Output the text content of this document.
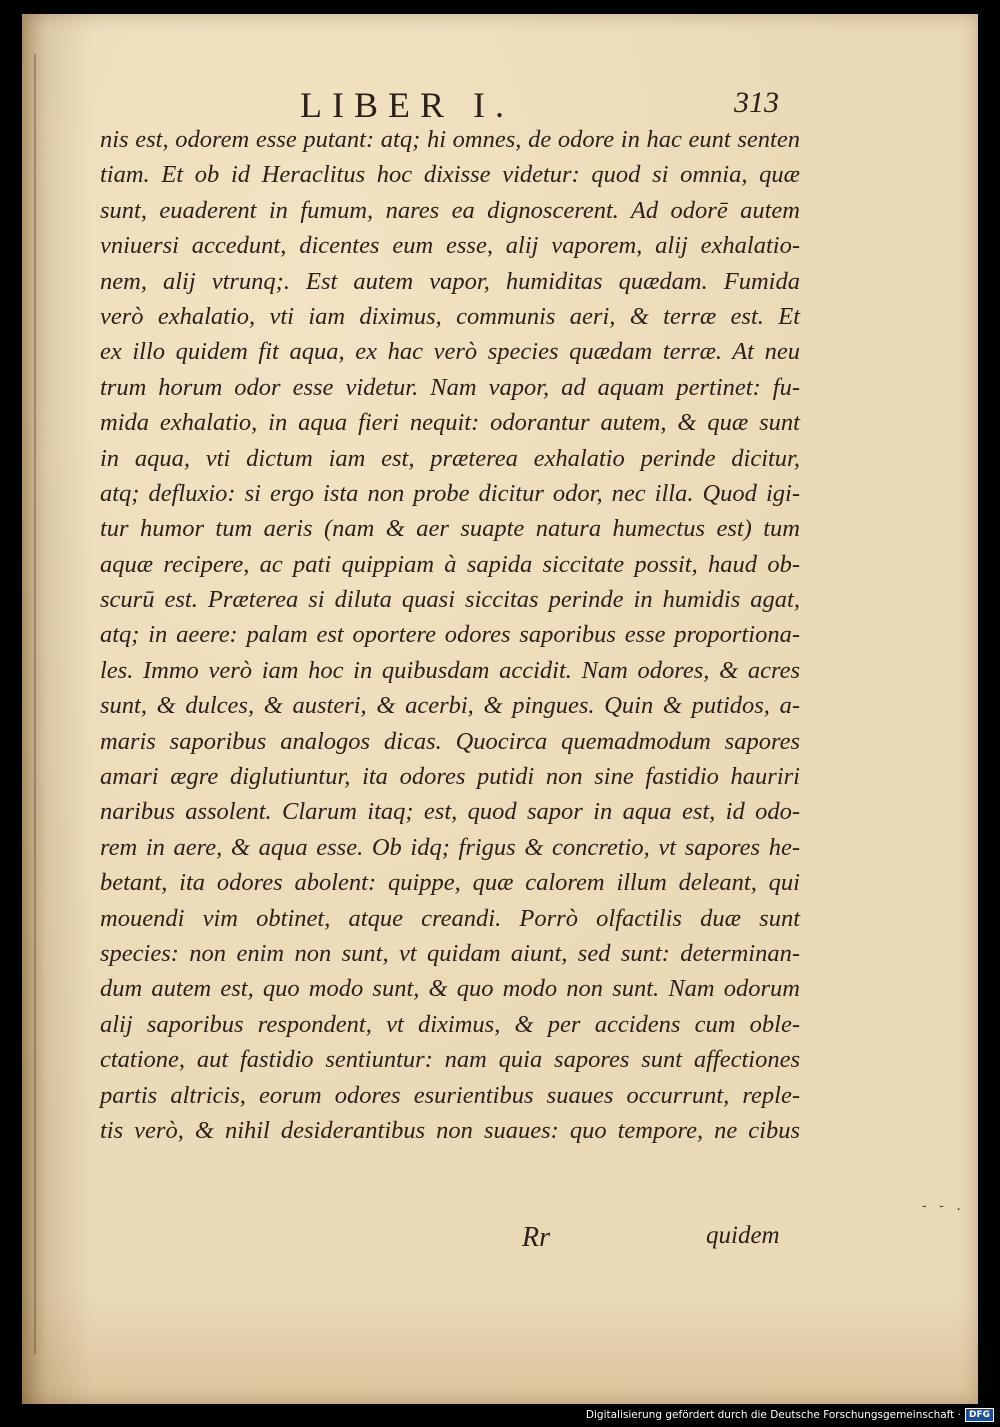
LIBER I.	313
nis est, odorem esse putant: atq; hi omnes, de odore in hac eunt senten
tiam. Et ob id Heraclitus hoc dixisse videtur: quod si omnia, quæ
sunt, euaderent in fumum, nares ea dignoscerent. Ad odorē autem
vniuersi accedunt, dicentes eum esse, alij vaporem, alij exhalatio-
nem, alij vtrunq;. Est autem vapor, humiditas quædam. Fumida
verò exhalatio, vti iam diximus, communis aeri, & terræ est. Et
ex illo quidem fit aqua, ex hac verò species quædam terræ. At neu
trum horum odor esse videtur. Nam vapor, ad aquam pertinet: fu-
mida exhalatio, in aqua fieri nequit: odorantur autem, & quæ sunt
in aqua, vti dictum iam est, præterea exhalatio perinde dicitur,
atq; defluxio: si ergo ista non probe dicitur odor, nec illa. Quod igi-
tur humor tum aeris (nam & aer suapte natura humectus est) tum
aquæ recipere, ac pati quippiam à sapida siccitate possit, haud ob-
scurū est. Præterea si diluta quasi siccitas perinde in humidis agat,
atq; in aeere: palam est oportere odores saporibus esse proportiona-
les. Immo verò iam hoc in quibusdam accidit. Nam odores, & acres
sunt, & dulces, & austeri, & acerbi, & pingues. Quin & putidos, a-
maris saporibus analogos dicas. Quocirca quemadmodum sapores
amari ægre diglutiuntur, ita odores putidi non sine fastidio hauriri
naribus assolent. Clarum itaq; est, quod sapor in aqua est, id odo-
rem in aere, & aqua esse. Ob idq; frigus & concretio, vt sapores he-
betant, ita odores abolent: quippe, quæ calorem illum deleant, qui
mouendi vim obtinet, atque creandi. Porrò olfactilis duæ sunt
species: non enim non sunt, vt quidam aiunt, sed sunt: determinan-
dum autem est, quo modo sunt, & quo modo non sunt. Nam odorum
alij saporibus respondent, vt diximus, & per accidens cum oble-
ctatione, aut fastidio sentiuntur: nam quia sapores sunt affectiones
partis altricis, eorum odores esurientibus suaues occurrunt, reple-
tis verò, & nihil desiderantibus non suaues: quo tempore, ne cibus
Rr	quidem
- - .
Digitalisierung gefördert durch die Deutsche Forschungsgemeinschaft · DFG
